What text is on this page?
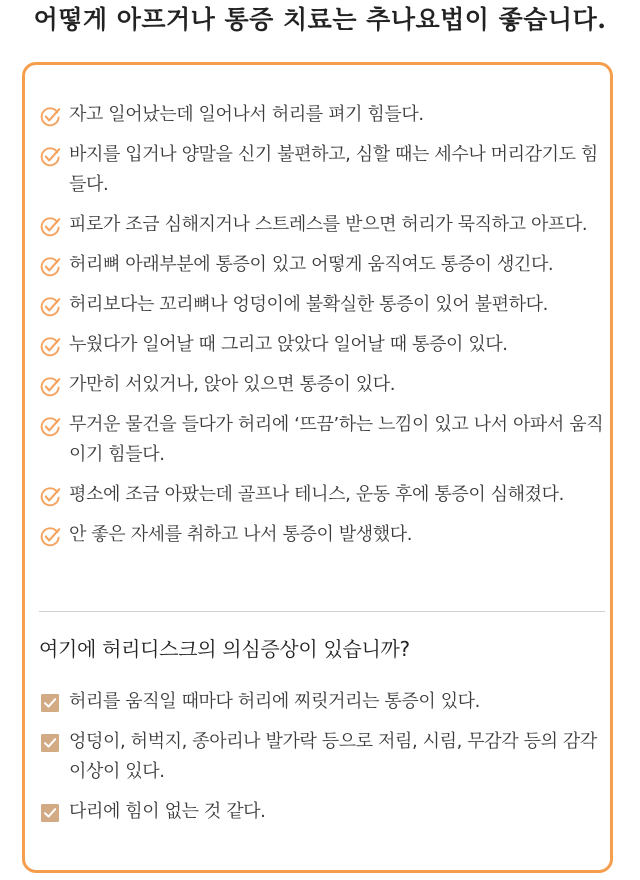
어떻게 아프거나 통증 치료는 추나요법이 좋습니다.
자고 일어났는데 일어나서 허리를 펴기 힘들다.
바지를 입거나 양말을 신기 불편하고, 심할 때는 세수나 머리감기도 힘들다.
피로가 조금 심해지거나 스트레스를 받으면 허리가 묵직하고 아프다.
허리뼈 아래부분에 통증이 있고 어떻게 움직여도 통증이 생긴다.
허리보다는 꼬리뼈나 엉덩이에 불확실한 통증이 있어 불편하다.
누웠다가 일어날 때 그리고 앉았다 일어날 때 통증이 있다.
가만히 서있거나, 앉아 있으면 통증이 있다.
무거운 물건을 들다가 허리에 ‘뜨끔’하는 느낌이 있고 나서 아파서 움직이기 힘들다.
평소에 조금 아팠는데 골프나 테니스, 운동 후에 통증이 심해졌다.
안 좋은 자세를 취하고 나서 통증이 발생했다.
여기에 허리디스크의 의심증상이 있습니까?
허리를 움직일 때마다 허리에 찌릿거리는 통증이 있다.
엉덩이, 허벅지, 종아리나 발가락 등으로 저림, 시림, 무감각 등의 감각이상이 있다.
다리에 힘이 없는 것 같다.
